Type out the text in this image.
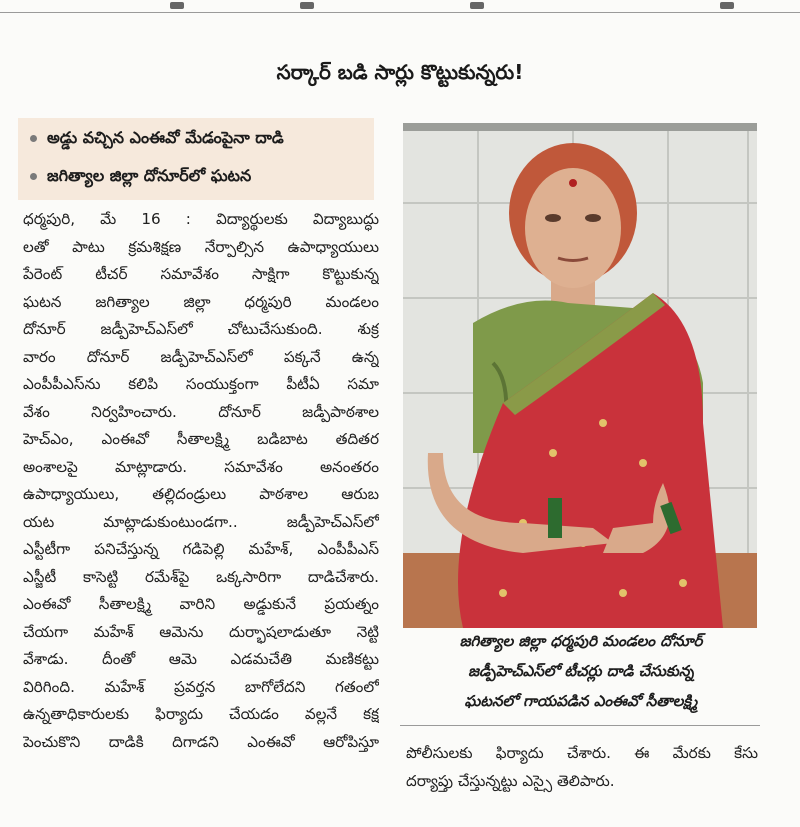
సర్కార్ బడి సార్లు కొట్టుకున్నరు!
అడ్డు వచ్చిన ఎంఈవో మేడంపైనా దాడి
జగిత్యాల జిల్లా దోనూర్‌లో ఘటన
ధర్మపురి, మే 16 : విద్యార్థులకు విద్యాబుద్ధు
లతో పాటు క్రమశిక్షణ నేర్పాల్సిన ఉపాధ్యాయులు
పేరెంట్ టీచర్ సమావేశం సాక్షిగా కొట్టుకున్న
ఘటన జగిత్యాల జిల్లా ధర్మపురి మండలం
దోనూర్ జడ్పీహెచ్‌ఎస్‌లో చోటుచేసుకుంది. శుక్ర
వారం దోనూర్ జడ్పీహెచ్‌ఎస్‌లో పక్కనే ఉన్న
ఎంపీపీఎస్‌ను కలిపి సంయుక్తంగా పీటీఏ సమా
వేశం నిర్వహించారు. దోనూర్ జడ్పీపాఠశాల
హెచ్‌ఎం, ఎంఈవో సీతాలక్ష్మి బడిబాట తదితర
అంశాలపై మాట్లాడారు. సమావేశం అనంతరం
ఉపాధ్యాయులు, తల్లిదండ్రులు పాఠశాల ఆరుబ
యట మాట్లాడుకుంటుండగా.. జడ్పీహెచ్‌ఎస్‌లో
ఎస్టీటీగా పనిచేస్తున్న గడిపెల్లి మహేశ్, ఎంపీపీఎస్
ఎస్జీటీ కాసెట్టి రమేశ్‌పై ఒక్కసారిగా దాడిచేశారు.
ఎంఈవో సీతాలక్ష్మి వారిని అడ్డుకునే ప్రయత్నం
చేయగా మహేశ్ ఆమెను దుర్భాషలాడుతూ నెట్టి
వేశాడు. దీంతో ఆమె ఎడమచేతి మణికట్టు
విరిగింది. మహేశ్ ప్రవర్తన బాగోలేదని గతంలో
ఉన్నతాధికారులకు ఫిర్యాదు చేయడం వల్లనే కక్ష
పెంచుకొని దాడికి దిగాడని ఎంఈవో ఆరోపిస్తూ
జగిత్యాల జిల్లా ధర్మపురి మండలం దోనూర్
జడ్పీహెచ్‌ఎస్‌లో టీచర్లు దాడి చేసుకున్న
ఘటనలో గాయపడిన ఎంఈవో సీతాలక్ష్మి
పోలీసులకు ఫిర్యాదు చేశారు. ఈ మేరకు కేసు
దర్యాప్తు చేస్తున్నట్టు ఎస్సై తెలిపారు.
